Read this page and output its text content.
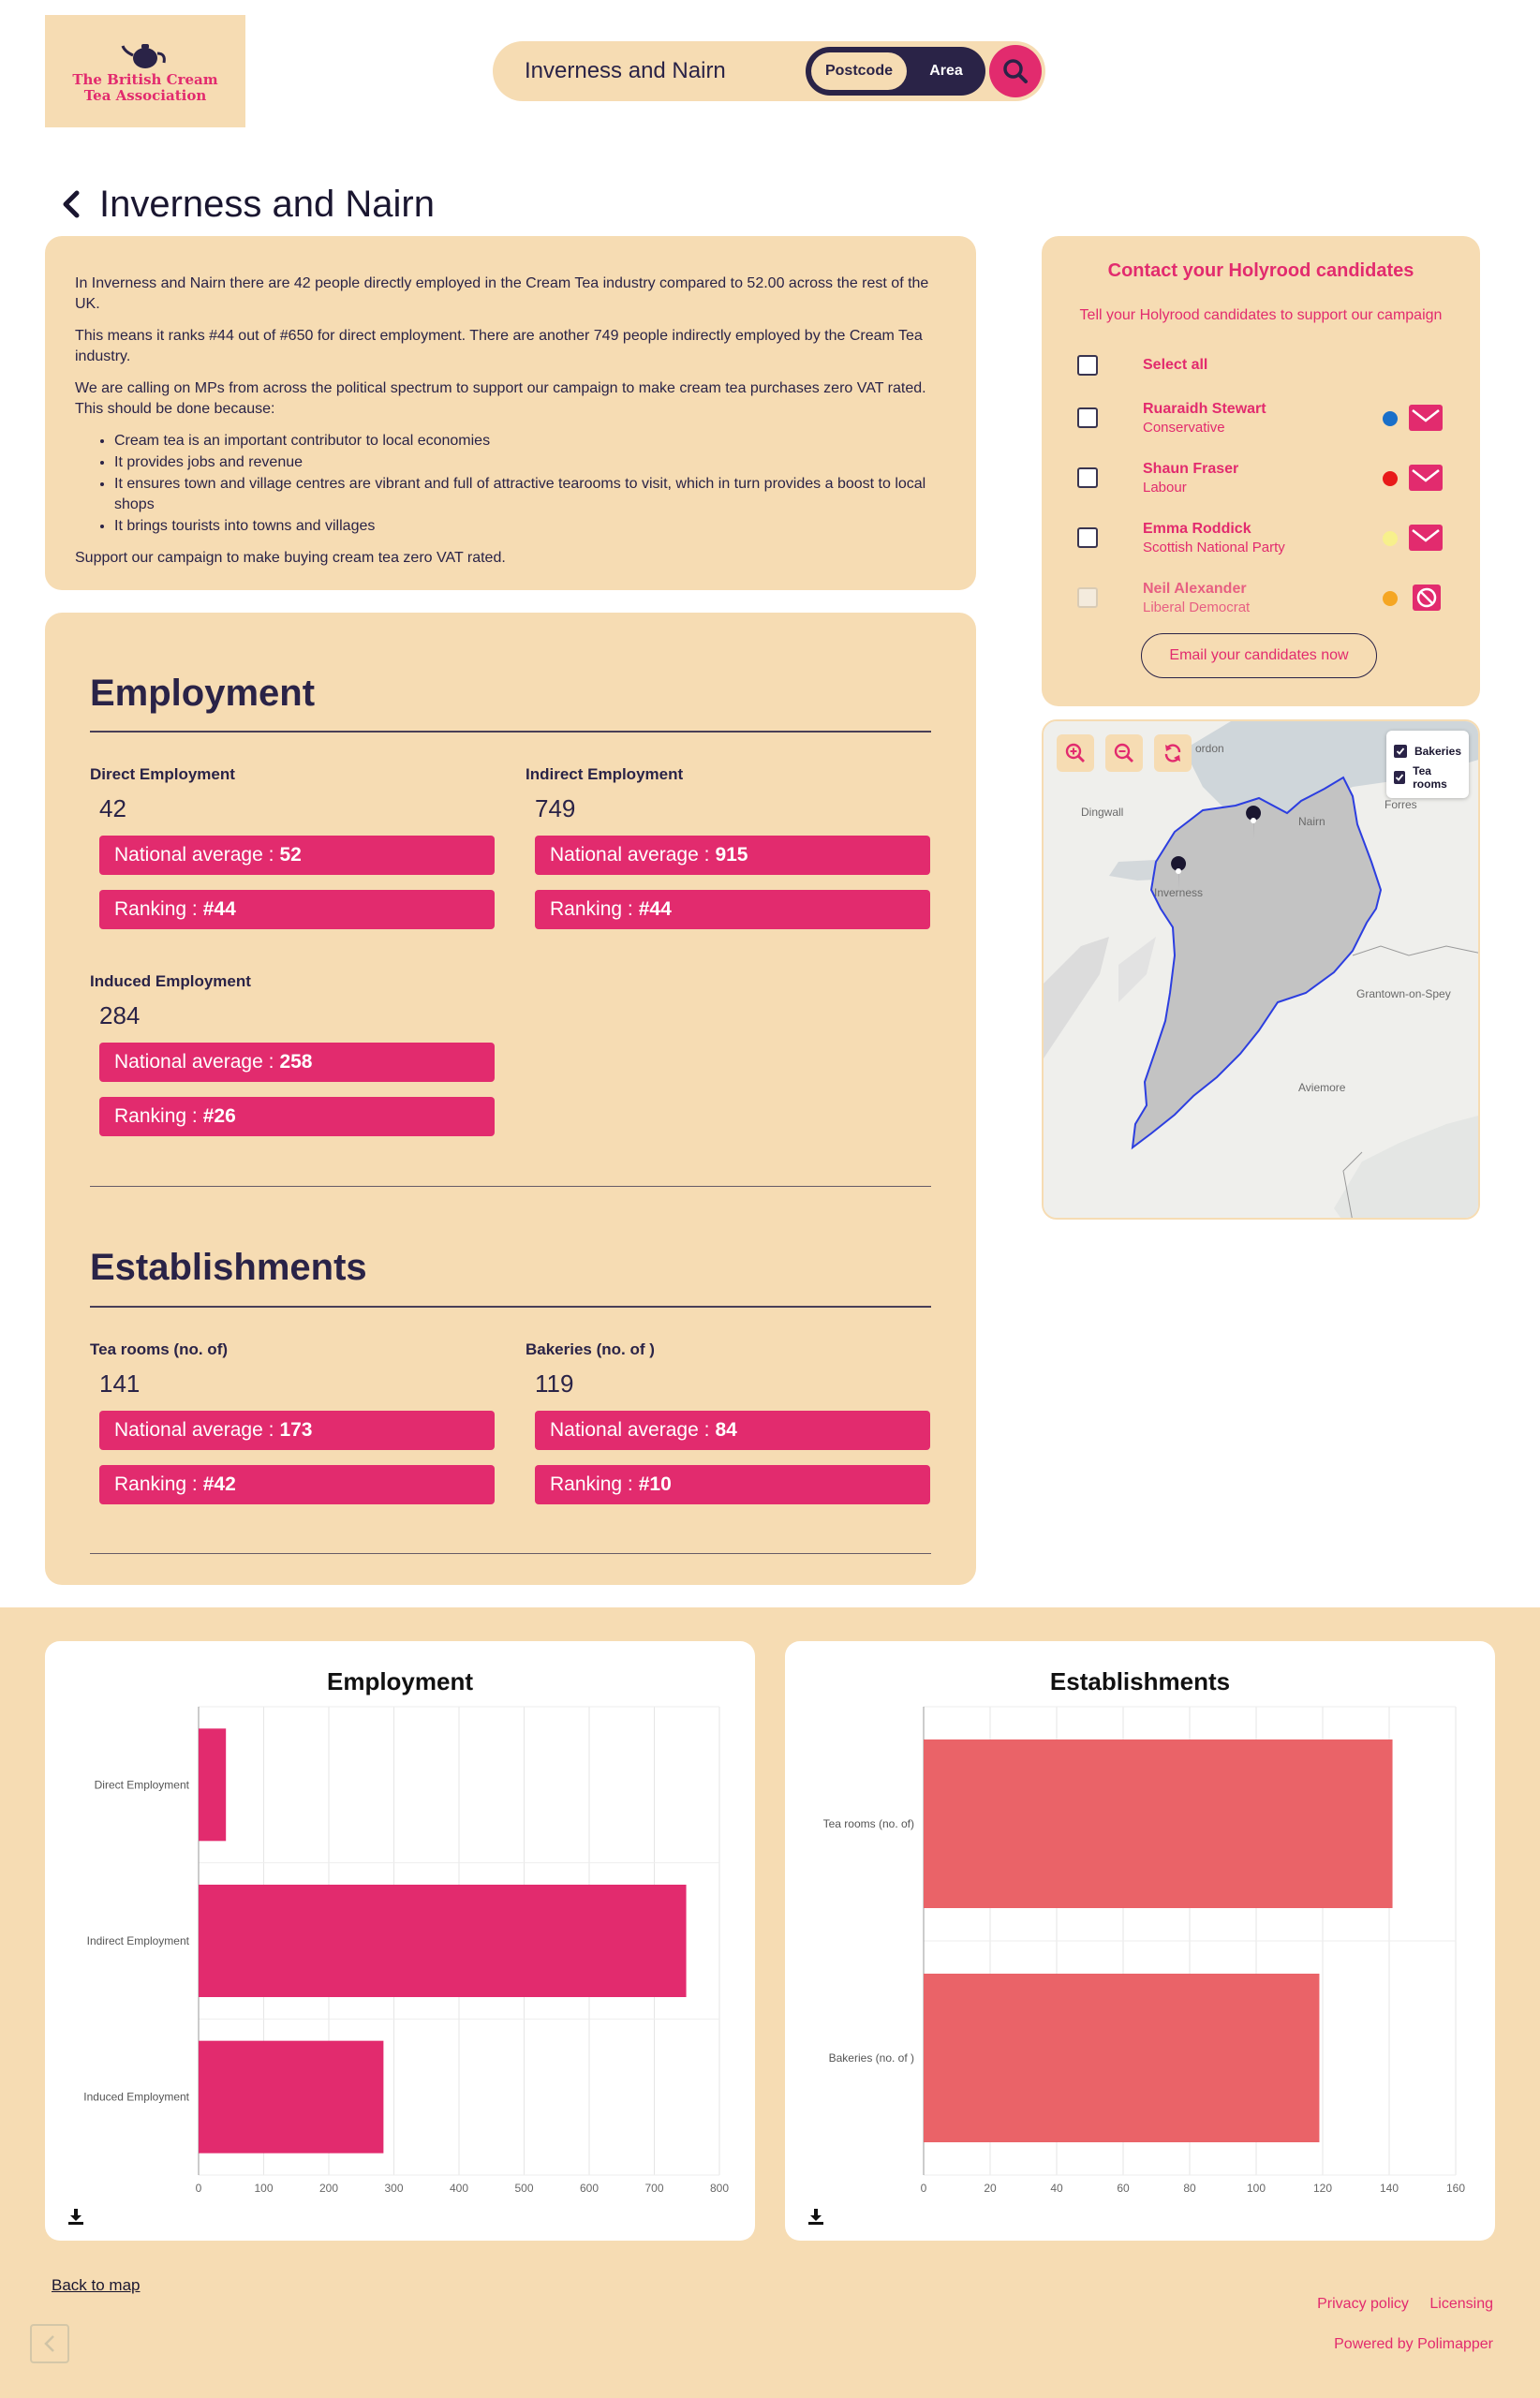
The British Cream
Tea Association
Inverness and Nairn
Postcode	Area
Inverness and Nairn

In Inverness and Nairn there are 42 people directly employed in the Cream Tea industry compared to 52.00 across the rest of the UK.

This means it ranks #44 out of #650 for direct employment. There are another 749 people indirectly employed by the Cream Tea industry.

We are calling on MPs from across the political spectrum to support our campaign to make cream tea purchases zero VAT rated. This should be done because:

• Cream tea is an important contributor to local economies
• It provides jobs and revenue
• It ensures town and village centres are vibrant and full of attractive tearooms to visit, which in turn provides a boost to local shops
• It brings tourists into towns and villages

Support our campaign to make buying cream tea zero VAT rated.

Employment
Direct Employment
42
National average : 52
Ranking : #44
Indirect Employment
749
National average : 915
Ranking : #44
Induced Employment
284
National average : 258
Ranking : #26
Establishments
Tea rooms (no. of)
141
National average : 173
Ranking : #42
Bakeries (no. of )
119
National average : 84
Ranking : #10
Contact your Holyrood candidates
Tell your Holyrood candidates to support our campaign
Select all
Ruaraidh Stewart
Conservative
Shaun Fraser
Labour
Emma Roddick
Scottish National Party
Neil Alexander
Liberal Democrat
Email your candidates now
Dingwall
Nairn
Forres
Inverness
Grantown-on-Spey
Aviemore
ordon	Bakeries
Tea rooms
Employment
0	100	200	300	400	500	600	700	800
Direct Employment
Indirect Employment
Induced Employment
Establishments
0	20	40	60	80	100	120	140	160
Tea rooms (no. of)
Bakeries (no. of )
Back to map
Privacy policy Licensing
Powered by Polimapper
